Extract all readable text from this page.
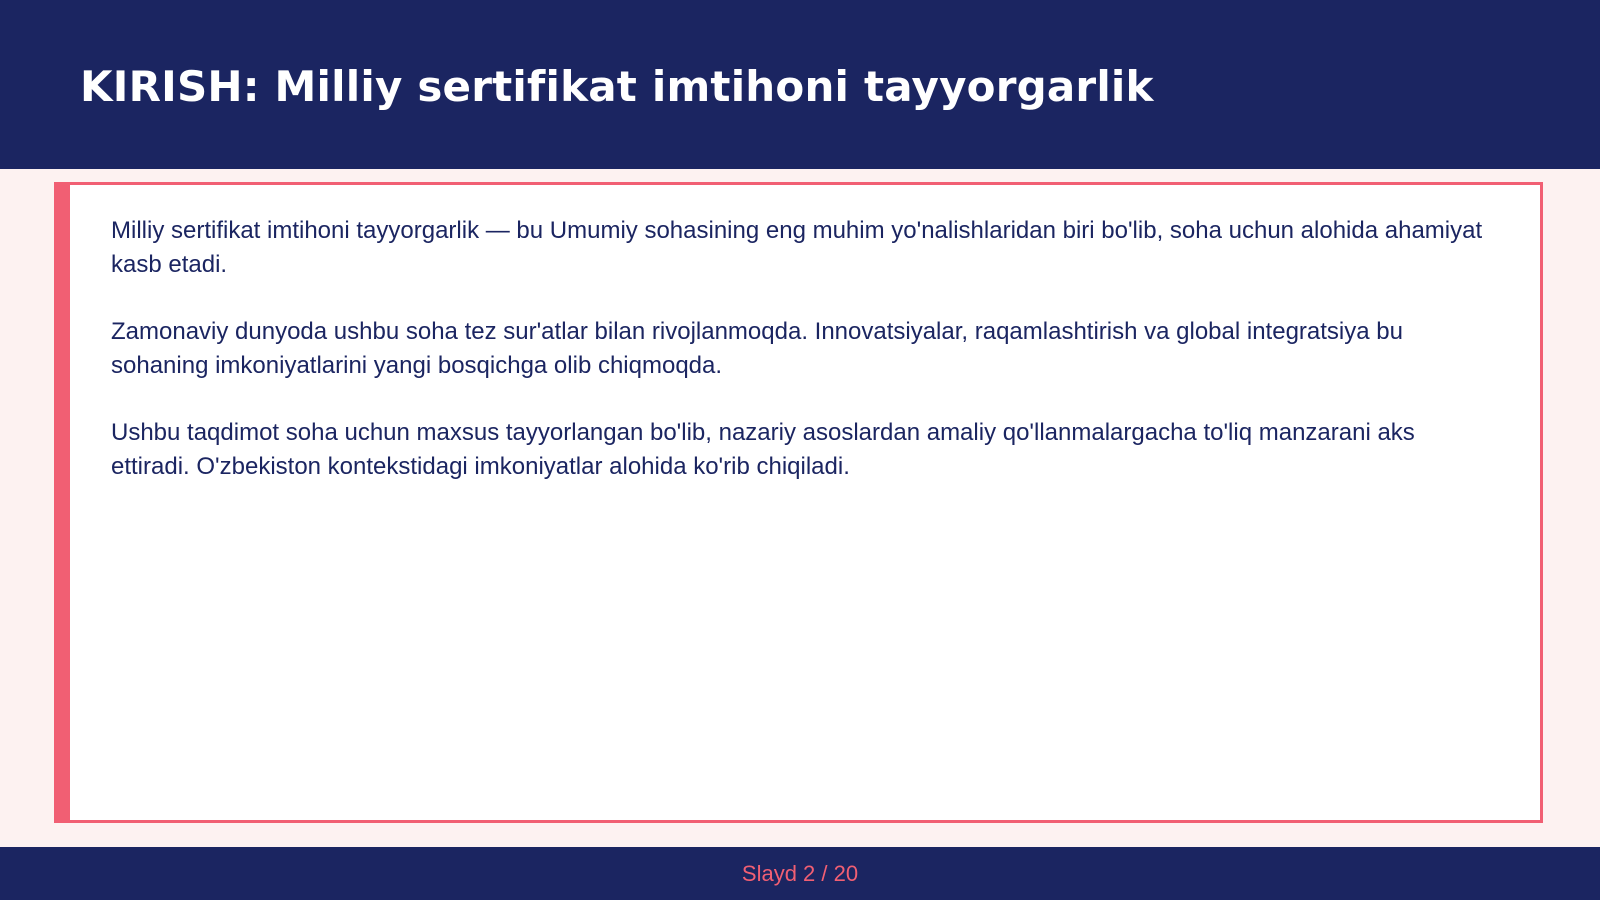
KIRISH: Milliy sertifikat imtihoni tayyorgarlik

Milliy sertifikat imtihoni tayyorgarlik — bu Umumiy sohasining eng muhim yo'nalishlaridan biri bo'lib, soha uchun alohida ahamiyat kasb etadi.

Zamonaviy dunyoda ushbu soha tez sur'atlar bilan rivojlanmoqda. Innovatsiyalar, raqamlashtirish va global integratsiya bu sohaning imkoniyatlarini yangi bosqichga olib chiqmoqda.

Ushbu taqdimot soha uchun maxsus tayyorlangan bo'lib, nazariy asoslardan amaliy qo'llanmalargacha to'liq manzarani aks ettiradi. O'zbekiston kontekstidagi imkoniyatlar alohida ko'rib chiqiladi.

Slayd 2 / 20
